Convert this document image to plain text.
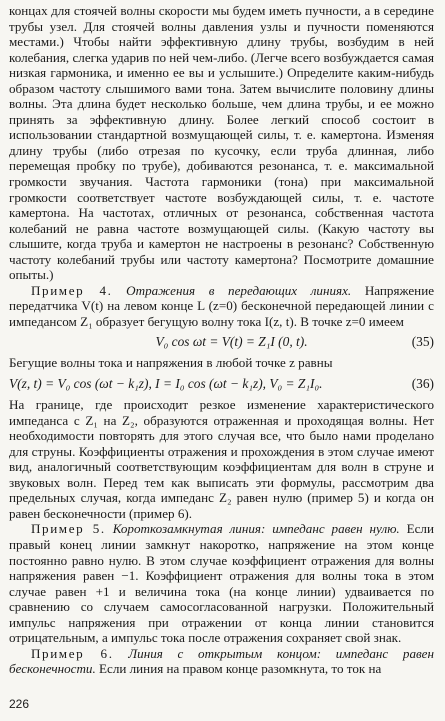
концах для стоячей волны скорости мы будем иметь пучности, а в середине трубы узел. Для стоячей волны давления узлы и пучности поменяются местами.) Чтобы найти эффективную длину трубы, возбудим в ней колебания, слегка ударив по ней чем-либо. (Легче всего возбуждается самая низкая гармоника, и именно ее вы и услышите.) Определите каким-нибудь образом частоту слышимого вами тона. Затем вычислите половину длины волны. Эта длина будет несколько больше, чем длина трубы, и ее можно принять за эффективную длину. Более легкий способ состоит в использовании стандартной возмущающей силы, т. е. камертона. Изменяя длину трубы (либо отрезая по кусочку, если труба длинная, либо перемещая пробку по трубе), добиваются резонанса, т. е. максимальной громкости звучания. Частота гармоники (тона) при максимальной громкости соответствует частоте возбуждающей силы, т. е. частоте камертона. На частотах, отличных от резонанса, собственная частота колебаний не равна частоте возмущающей силы. (Какую частоту вы слышите, когда труба и камертон не настроены в резонанс? Собственную частоту колебаний трубы или частоту камертона? Посмотрите домашние опыты.)

Пример 4. Отражения в передающих линиях. Напряжение передатчика V(t) на левом конце L (z=0) бесконечной передающей линии с импедансом Z₁ образует бегущую волну тока I(z, t). В точке z=0 имеем

V₀ cos ωt = V(t) = Z₁I (0, t).	(35)

Бегущие волны тока и напряжения в любой точке z равны

V(z, t) = V₀ cos (ωt − k₁z), I = I₀ cos (ωt − k₁z), V₀ = Z₁I₀.	(36)

На границе, где происходит резкое изменение характеристического импеданса с Z₁ на Z₂, образуются отраженная и проходящая волны. Нет необходимости повторять для этого случая все, что было нами проделано для струны. Коэффициенты отражения и прохождения в этом случае имеют вид, аналогичный соответствующим коэффициентам для волн в струне и звуковых волн. Перед тем как выписать эти формулы, рассмотрим два предельных случая, когда импеданс Z₂ равен нулю (пример 5) и когда он равен бесконечности (пример 6).

Пример 5. Короткозамкнутая линия: импеданс равен нулю. Если правый конец линии замкнут накоротко, напряжение на этом конце постоянно равно нулю. В этом случае коэффициент отражения для волны напряжения равен −1. Коэффициент отражения для волны тока в этом случае равен +1 и величина тока (на конце линии) удваивается по сравнению со случаем самосогласованной нагрузки. Положительный импульс напряжения при отражении от конца линии становится отрицательным, а импульс тока после отражения сохраняет свой знак.

Пример 6. Линия с открытым концом: импеданс равен бесконечности. Если линия на правом конце разомкнута, то ток на

226
